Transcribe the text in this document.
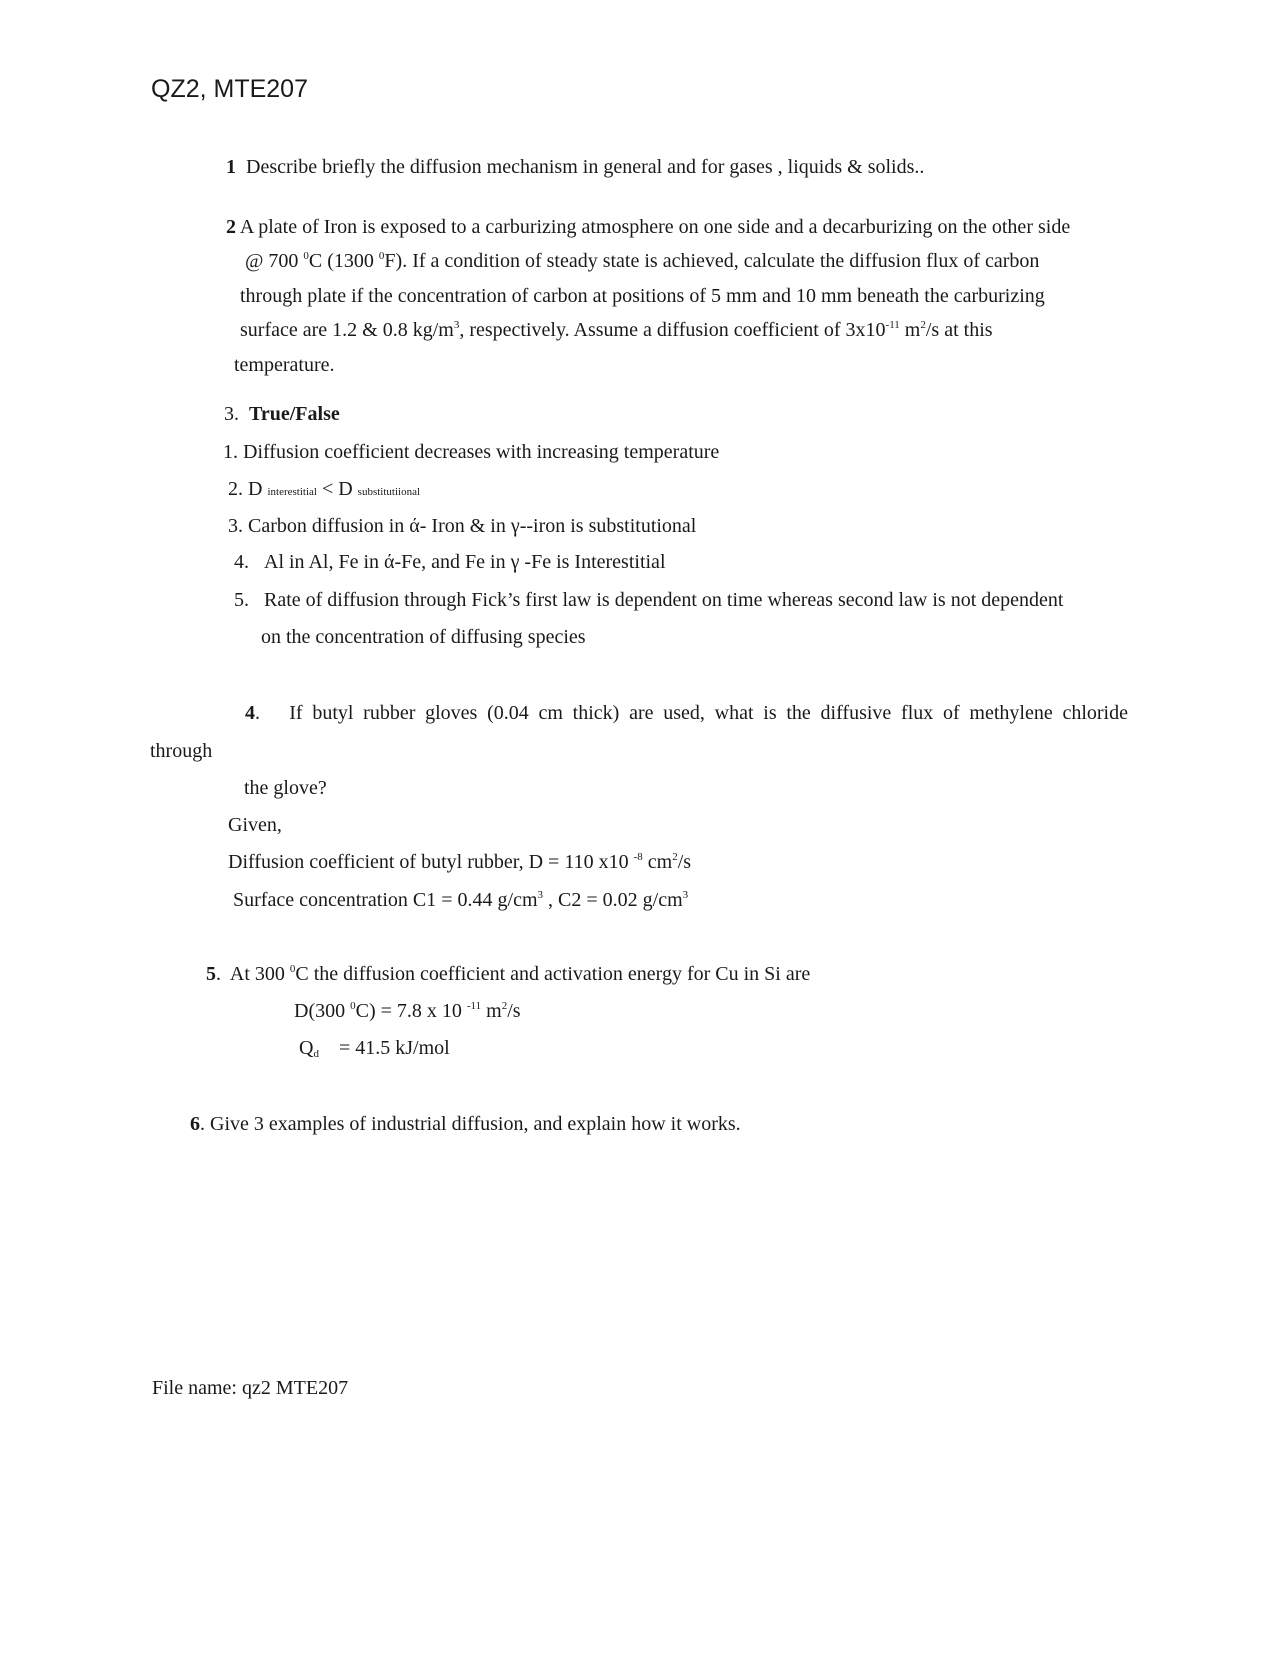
QZ2, MTE207
1 Describe briefly the diffusion mechanism in general and for gases , liquids & solids..
2 A plate of Iron is exposed to a carburizing atmosphere on one side and a decarburizing on the other side
@ 700 $^0$C (1300 $^0$F). If a condition of steady state is achieved, calculate the diffusion flux of carbon
through plate if the concentration of carbon at positions of 5 mm and 10 mm beneath the carburizing
surface are 1.2 & 0.8 $kg/m^3$, respectively. Assume a diffusion coefficient of $3x10^{-11}$ $m^2/s$ at this
temperature.
3.  True/False
1. Diffusion coefficient decreases with increasing temperature
2. D interestitial < D substitutiional
3. Carbon diffusion in ά- Iron & in γ--iron is substitutional
4. Al in Al, Fe in ά-Fe, and Fe in γ -Fe is Interestitial
5. Rate of diffusion through Fick’s first law is dependent on time whereas second law is not dependent
on the concentration of diffusing species
4.   If butyl rubber gloves (0.04 cm thick) are used, what is the diffusive flux of methylene chloride
through
the glove?
Given,
Diffusion coefficient of butyl rubber, D = 110 x10 $^{-8}$ $cm^2/s$
Surface concentration C1 = 0.44 $g/cm^3$ , C2 = 0.02 $g/cm^3$
5.  At 300 $^0$C the diffusion coefficient and activation energy for Cu in Si are
D(300 $^0$C) = 7.8 x 10 $^{-11}$ $m^2/s$
$Q_d = 41.5$ kJ/mol
6. Give 3 examples of industrial diffusion, and explain how it works.
File name: qz2 MTE207
